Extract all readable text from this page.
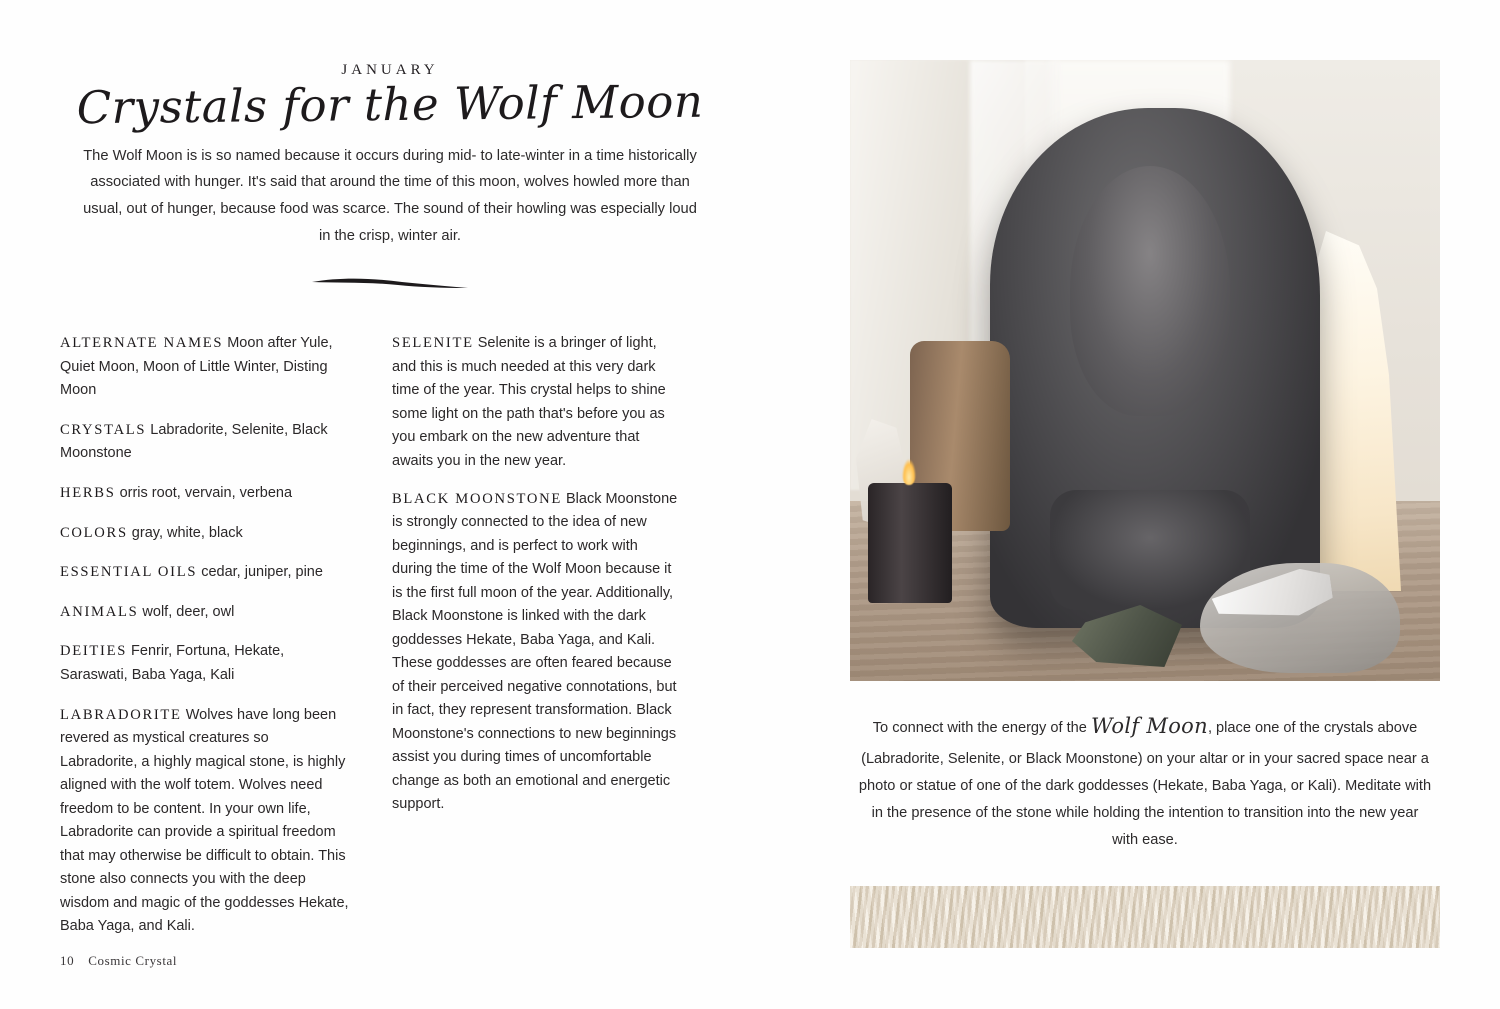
JANUARY
Crystals for the Wolf Moon
The Wolf Moon is is so named because it occurs during mid- to late-winter in a time historically associated with hunger. It's said that around the time of this moon, wolves howled more than usual, out of hunger, because food was scarce. The sound of their howling was especially loud in the crisp, winter air.

ALTERNATE NAMES Moon after Yule, Quiet Moon, Moon of Little Winter, Disting Moon

CRYSTALS Labradorite, Selenite, Black Moonstone

HERBS orris root, vervain, verbena

COLORS gray, white, black

ESSENTIAL OILS cedar, juniper, pine

ANIMALS wolf, deer, owl

DEITIES Fenrir, Fortuna, Hekate, Saraswati, Baba Yaga, Kali

LABRADORITE Wolves have long been revered as mystical creatures so Labradorite, a highly magical stone, is highly aligned with the wolf totem. Wolves need freedom to be content. In your own life, Labradorite can provide a spiritual freedom that may otherwise be difficult to obtain. This stone also connects you with the deep wisdom and magic of the goddesses Hekate, Baba Yaga, and Kali.

SELENITE Selenite is a bringer of light, and this is much needed at this very dark time of the year. This crystal helps to shine some light on the path that's before you as you embark on the new adventure that awaits you in the new year.

BLACK MOONSTONE Black Moonstone is strongly connected to the idea of new beginnings, and is perfect to work with during the time of the Wolf Moon because it is the first full moon of the year. Additionally, Black Moonstone is linked with the dark goddesses Hekate, Baba Yaga, and Kali. These goddesses are often feared because of their perceived negative connotations, but in fact, they represent transformation. Black Moonstone's connections to new beginnings assist you during times of uncomfortable change as both an emotional and energetic support.

10 Cosmic Crystal
To connect with the energy of the Wolf Moon, place one of the crystals above (Labradorite, Selenite, or Black Moonstone) on your altar or in your sacred space near a photo or statue of one of the dark goddesses (Hekate, Baba Yaga, or Kali). Meditate with in the presence of the stone while holding the intention to transition into the new year with ease.
